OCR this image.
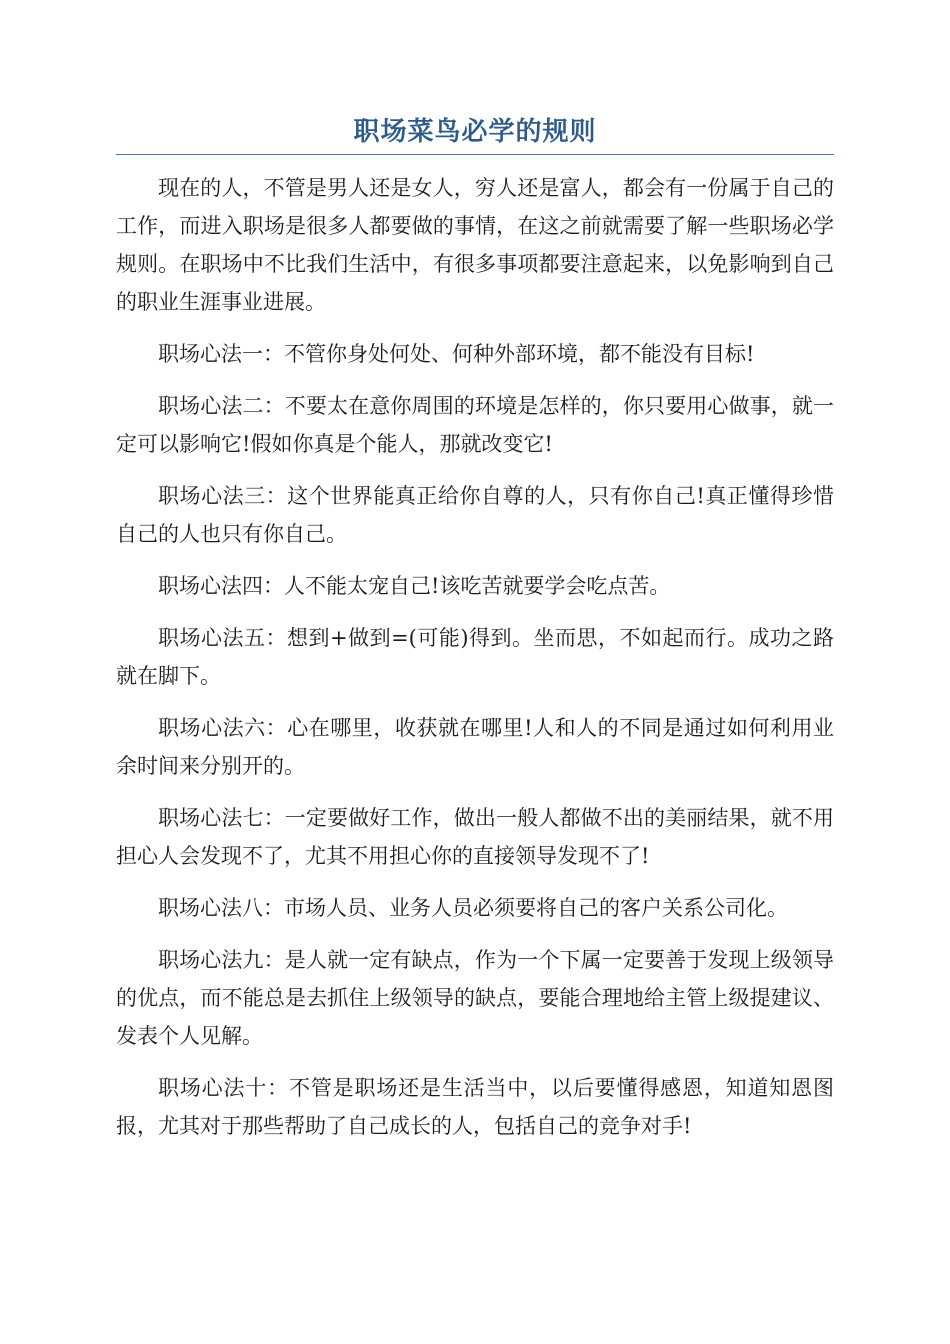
职场菜鸟必学的规则

现在的人，不管是男人还是女人，穷人还是富人，都会有一份属于自己的工作，而进入职场是很多人都要做的事情，在这之前就需要了解一些职场必学规则。在职场中不比我们生活中，有很多事项都要注意起来，以免影响到自己的职业生涯事业进展。

职场心法一：不管你身处何处、何种外部环境，都不能没有目标!

职场心法二：不要太在意你周围的环境是怎样的，你只要用心做事，就一定可以影响它!假如你真是个能人，那就改变它!

职场心法三：这个世界能真正给你自尊的人，只有你自己!真正懂得珍惜自己的人也只有你自己。

职场心法四：人不能太宠自己!该吃苦就要学会吃点苦。

职场心法五：想到+做到=(可能)得到。坐而思，不如起而行。成功之路就在脚下。

职场心法六：心在哪里，收获就在哪里!人和人的不同是通过如何利用业余时间来分别开的。

职场心法七：一定要做好工作，做出一般人都做不出的美丽结果，就不用担心人会发现不了，尤其不用担心你的直接领导发现不了!

职场心法八：市场人员、业务人员必须要将自己的客户关系公司化。

职场心法九：是人就一定有缺点，作为一个下属一定要善于发现上级领导的优点，而不能总是去抓住上级领导的缺点，要能合理地给主管上级提建议、发表个人见解。

职场心法十：不管是职场还是生活当中，以后要懂得感恩，知道知恩图报，尤其对于那些帮助了自己成长的人，包括自己的竞争对手!
